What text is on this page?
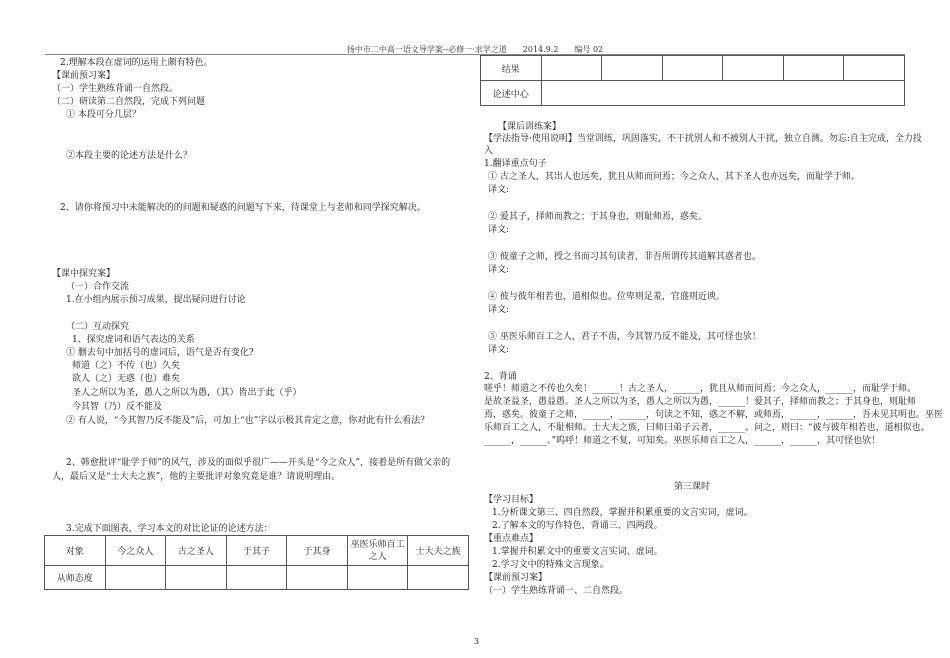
扬中市二中高一语文导学案--必修一·求学之道　　2014.9.2　　编号 02
2.理解本段在虚词的运用上颇有特色。
【课前预习案】
（一）学生熟练背诵一自然段。
（二）研读第二自然段，完成下列问题
① 本段可分几层？
②本段主要的论述方法是什么？
2、请你将预习中未能解决的的问题和疑惑的问题写下来，待课堂上与老师和同学探究解决。
【课中探究案】
（一）合作交流
1.在小组内展示预习成果，提出疑问进行讨论
（二）互动探究
1、探究虚词和语气表达的关系
① 删去句中加括号的虚词后，语气是否有变化?
师道（之）不传（也）久矣
欲人（之）无惑（也）难矣
圣人之所以为圣，愚人之所以为愚，（其）皆出于此（乎）
今其智（乃）反不能及
② 有人说，“今其智乃反不能及”后，可加上“也”字以示极其肯定之意，你对此有什么看法？
2、韩愈批评“耻学于师”的风气，涉及的面似乎很广——开头是“今之众人”，接着是所有做父亲的
人，最后又是“士大夫之族”，他的主要批评对象究竟是谁？请说明理由。
3.完成下面图表，学习本文的对比论证的论述方法：
对象	今之众人	古之圣人	于其子	于其身	巫医乐师百工之人	士大夫之族
从师态度						
结果						
论述中心						
【课后训练案】
【学法指导·使用说明】当堂训练，巩固落实，不干扰别人和不被别人干扰，独立自测。勿忘:自主完成，全力投
入
1.翻译重点句子
① 古之圣人，其出人也远矣，犹且从师而问焉；今之众人，其下圣人也亦远矣，而耻学于师。
译文:
② 爱其子，择师而教之；于其身也，则耻师焉，惑矣。
译文:
③ 彼童子之师，授之书而习其句读者，非吾所谓传其道解其惑者也。
译文:
④ 彼与彼年相若也，道相似也。位卑则足羞，官盛则近谀。
译文:
⑤ 巫医乐师百工之人，君子不齿，今其智乃反不能及，其可怪也欤！
译文:
2、背诵
嗟乎！师道之不传也久矣！______！古之圣人，______，犹且从师而问焉；今之众人，______，而耻学于师。
是故圣益圣，愚益愚。圣人之所以为圣，愚人之所以为愚，______！爱其子，择师而教之；于其身也，则耻师
焉，惑矣。彼童子之师，______，______，句读之不知，惑之不解，或师焉，______，______，吾未见其明也。巫医
乐师百工之人，不耻相师。士大夫之族，曰师曰弟子云者，______。问之，则曰：“彼与彼年相若也，道相似也。
______，______。”呜呼！师道之不复，可知矣。巫医乐师百工之人，______，______，其可怪也欤！
第三课时
【学习目标】
1.分析课文第三、四自然段，掌握并积累重要的文言实词，虚词。
2.了解本文的写作特色，背诵三、四两段。
【重点难点】
1.掌握并积累文中的重要文言实词、虚词。
2.学习文中的特殊文言现象。
【课前预习案】
（一）学生熟练背诵一、二自然段。
3
